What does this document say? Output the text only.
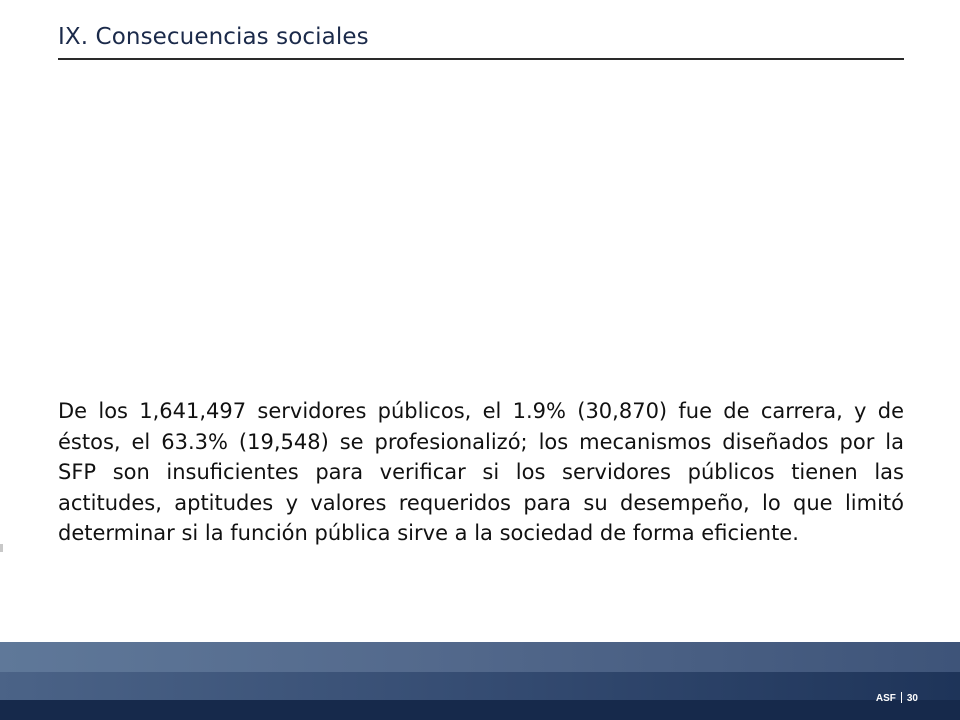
IX. Consecuencias sociales
De los 1,641,497 servidores públicos, el 1.9% (30,870) fue de carrera, y de éstos, el 63.3% (19,548) se profesionalizó; los mecanismos diseñados por la SFP son insuficientes para verificar si los servidores públicos tienen las actitudes, aptitudes y valores requeridos para su desempeño, lo que limitó determinar si la función pública sirve a la sociedad de forma eficiente.
ASF 30
